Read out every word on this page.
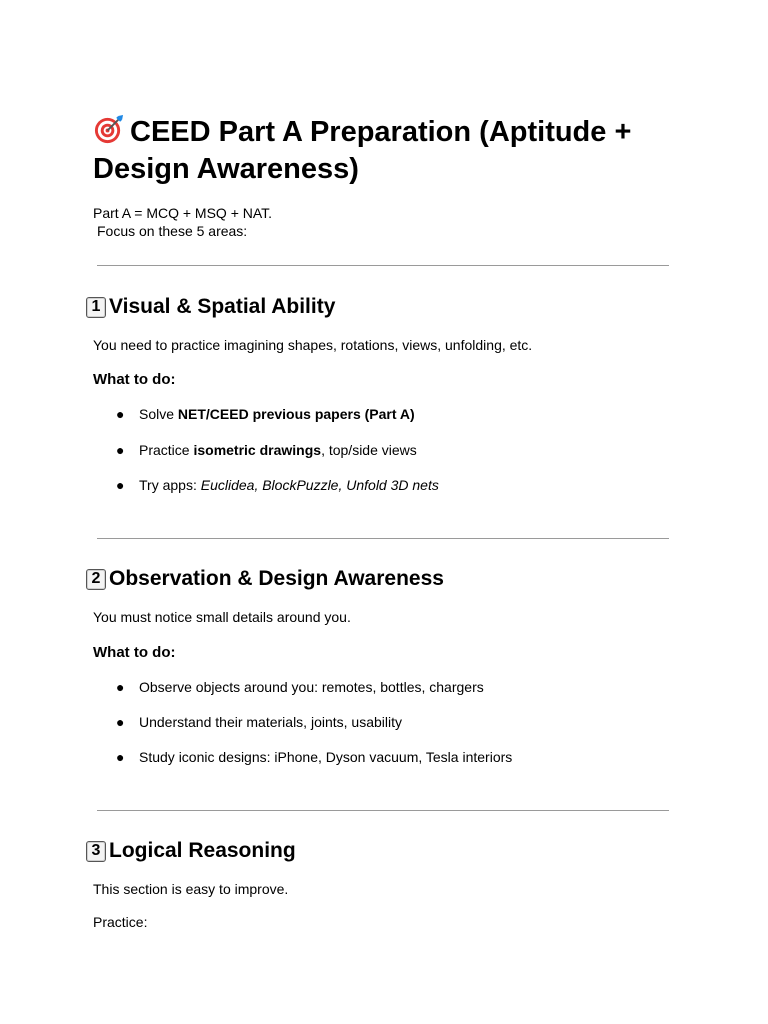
CEED Part A Preparation (Aptitude + Design Awareness)
Part A = MCQ + MSQ + NAT.
Focus on these 5 areas:
1 Visual & Spatial Ability
You need to practice imagining shapes, rotations, views, unfolding, etc.
What to do:
● Solve NET/CEED previous papers (Part A)
● Practice isometric drawings, top/side views
● Try apps: Euclidea, BlockPuzzle, Unfold 3D nets
2 Observation & Design Awareness
You must notice small details around you.
What to do:
● Observe objects around you: remotes, bottles, chargers
● Understand their materials, joints, usability
● Study iconic designs: iPhone, Dyson vacuum, Tesla interiors
3 Logical Reasoning
This section is easy to improve.
Practice:
